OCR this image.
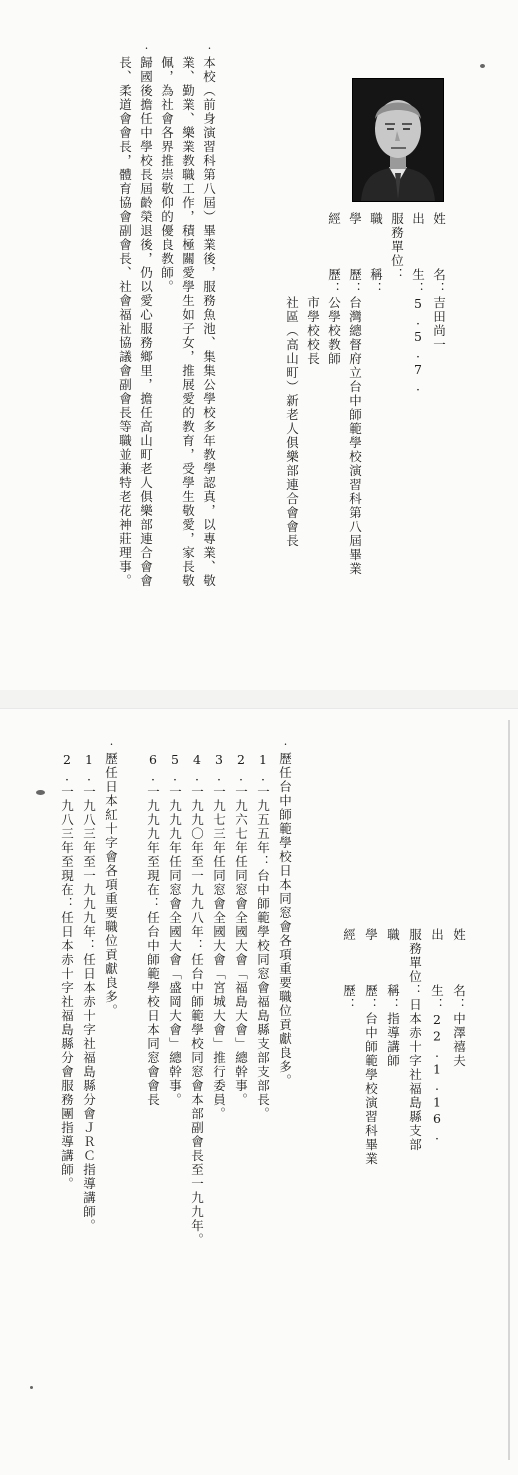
姓　　　名：吉田尚一
出　　　生：5.5.7.
服務單位：
職　　　稱：
學　　　歷：台灣總督府立台中師範學校演習科第八屆畢業
經　　　歷：公學校教師
　　　　　　市學校校長
　　　　　　社區（高山町）新老人俱樂部連合會會長
‧本校（前身演習科第八屆）畢業後，服務魚池、集集公學校多年教學認真，以專業、敬
　業、勤業、樂業教職工作，積極關愛學生如子女，推展愛的教育，受學生敬愛，家長敬
　佩，為社會各界推崇敬仰的優良教師。
‧歸國後擔任中學校長屆齡榮退後，仍以愛心服務鄉里，擔任高山町老人俱樂部連合會會
　長、柔道會會長，體育協會副會長、社會福祉協議會副會長等職並兼特老花神莊理事。
姓　　　名：中澤禧夫
出　　　生：22.1.16.
服務單位：日本赤十字社福島縣支部
職　　　稱：指導講師
學　　　歷：台中師範學校演習科畢業
經　　　歷：
‧歷任台中師範學校日本同窓會各項重要職位貢獻良多。
　1.一九五五年：台中師範學校同窓會福島縣支部支部長。
　2.一九六七年任同窓會全國大會「福島大會」總幹事。
　3.一九七三年任同窓會全國大會「宮城大會」推行委員。
　4.一九九〇年至一九九八年：任台中師範學校同窓會本部副會長至一九九年。
　5.一九九九年任同窓會全國大會「盛岡大會」總幹事。
　6.一九九九年至現在：任台中師範學校日本同窓會會長
‧歷任日本紅十字會各項重要職位貢獻良多。
　1.一九八三年至一九九九年：任日本赤十字社福島縣分會ＪＲＣ指導講師。
　2.一九八三年至現在：任日本赤十字社福島縣分會服務團指導講師。
